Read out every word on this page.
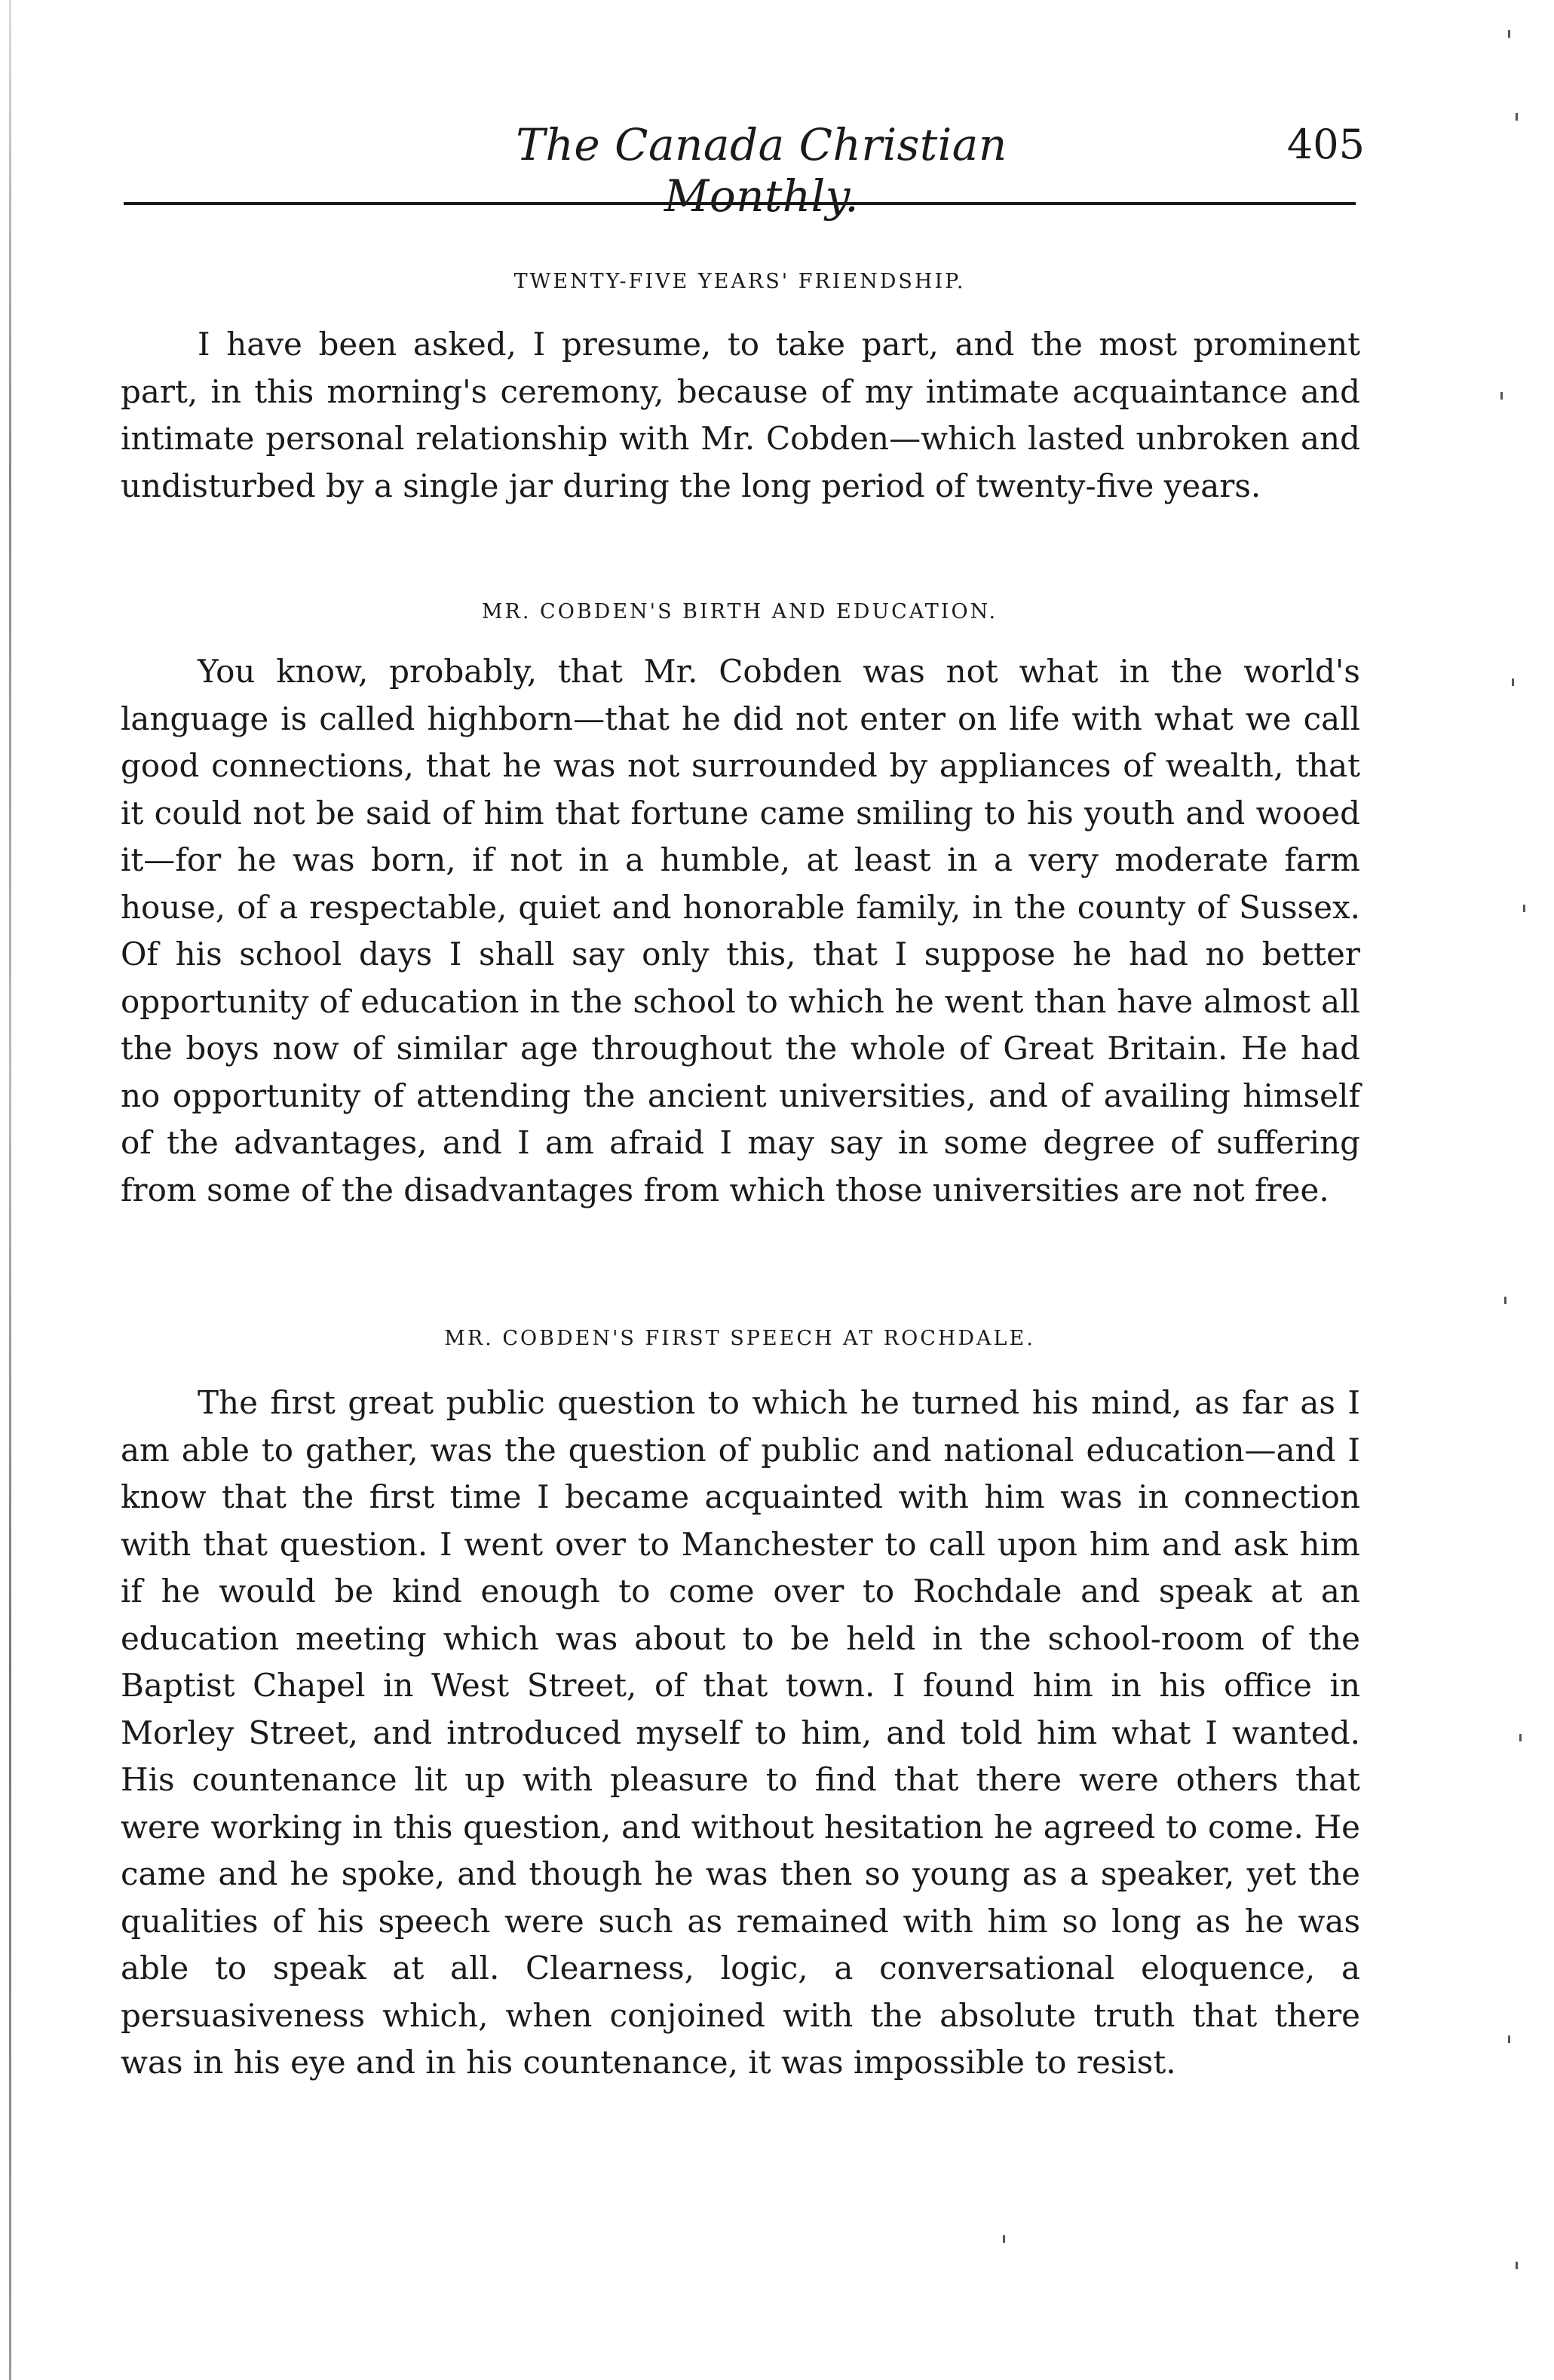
The Canada Christian Monthly.
405
TWENTY-FIVE YEARS' FRIENDSHIP.

I have been asked, I presume, to take part, and the most prominent part, in this morning's ceremony, because of my intimate acquaintance and intimate personal relationship with Mr. Cobden—which lasted unbroken and undisturbed by a single jar during the long period of twenty-five years.

MR. COBDEN'S BIRTH AND EDUCATION.

You know, probably, that Mr. Cobden was not what in the world's language is called highborn—that he did not enter on life with what we call good connections, that he was not surrounded by appliances of wealth, that it could not be said of him that fortune came smiling to his youth and wooed it—for he was born, if not in a humble, at least in a very moderate farm house, of a respectable, quiet and honorable family, in the county of Sussex. Of his school days I shall say only this, that I suppose he had no better opportunity of education in the school to which he went than have almost all the boys now of similar age throughout the whole of Great Britain. He had no opportunity of attending the ancient universities, and of availing himself of the advantages, and I am afraid I may say in some degree of suffering from some of the disadvantages from which those universities are not free.

MR. COBDEN'S FIRST SPEECH AT ROCHDALE.

The first great public question to which he turned his mind, as far as I am able to gather, was the question of public and national education—and I know that the first time I became acquainted with him was in connection with that question. I went over to Manchester to call upon him and ask him if he would be kind enough to come over to Rochdale and speak at an education meeting which was about to be held in the school-room of the Baptist Chapel in West Street, of that town. I found him in his office in Morley Street, and introduced myself to him, and told him what I wanted. His countenance lit up with pleasure to find that there were others that were working in this question, and without hesitation he agreed to come. He came and he spoke, and though he was then so young as a speaker, yet the qualities of his speech were such as remained with him so long as he was able to speak at all. Clearness, logic, a conversational eloquence, a persuasiveness which, when conjoined with the absolute truth that there was in his eye and in his countenance, it was impossible to resist.
